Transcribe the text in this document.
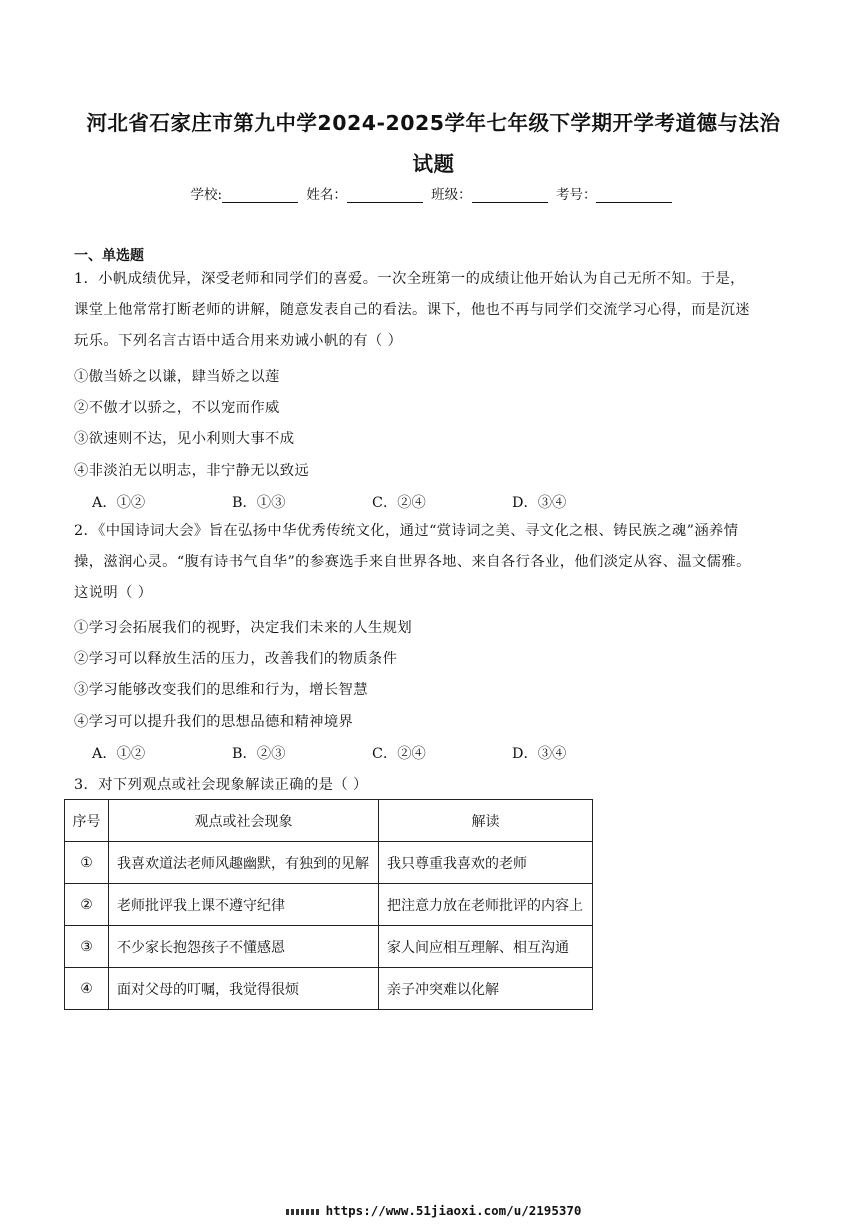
河北省石家庄市第九中学2024-2025学年七年级下学期开学考道德与法治
试题
学校:	姓名：	班级：	考号：
一、单选题
1．小帆成绩优异，深受老师和同学们的喜爱。一次全班第一的成绩让他开始认为自己无所不知。于是，课堂上他常常打断老师的讲解，随意发表自己的看法。课下，他也不再与同学们交流学习心得，而是沉迷玩乐。下列名言古语中适合用来劝诫小帆的有（ ）
①傲当娇之以谦，肆当娇之以莲
②不傲才以骄之，不以宠而作威
③欲速则不达，见小利则大事不成
④非淡泊无以明志，非宁静无以致远
A．①②	B．①③	C．②④	D．③④
2．《中国诗词大会》旨在弘扬中华优秀传统文化，通过“赏诗词之美、寻文化之根、铸民族之魂”涵养情操，滋润心灵。“腹有诗书气自华”的参赛选手来自世界各地、来自各行各业，他们淡定从容、温文儒雅。这说明（ ）
①学习会拓展我们的视野，决定我们未来的人生规划
②学习可以释放生活的压力，改善我们的物质条件
③学习能够改变我们的思维和行为，增长智慧
④学习可以提升我们的思想品德和精神境界
A．①②	B．②③	C．②④	D．③④
3．对下列观点或社会现象解读正确的是（ ）
序号	观点或社会现象	解读
①	我喜欢道法老师风趣幽默，有独到的见解	我只尊重我喜欢的老师
②	老师批评我上课不遵守纪律	把注意力放在老师批评的内容上
③	不少家长抱怨孩子不懂感恩	家人间应相互理解、相互沟通
④	面对父母的叮嘱，我觉得很烦	亲子冲突难以化解
https://www.51jiaoxi.com/u/2195370
